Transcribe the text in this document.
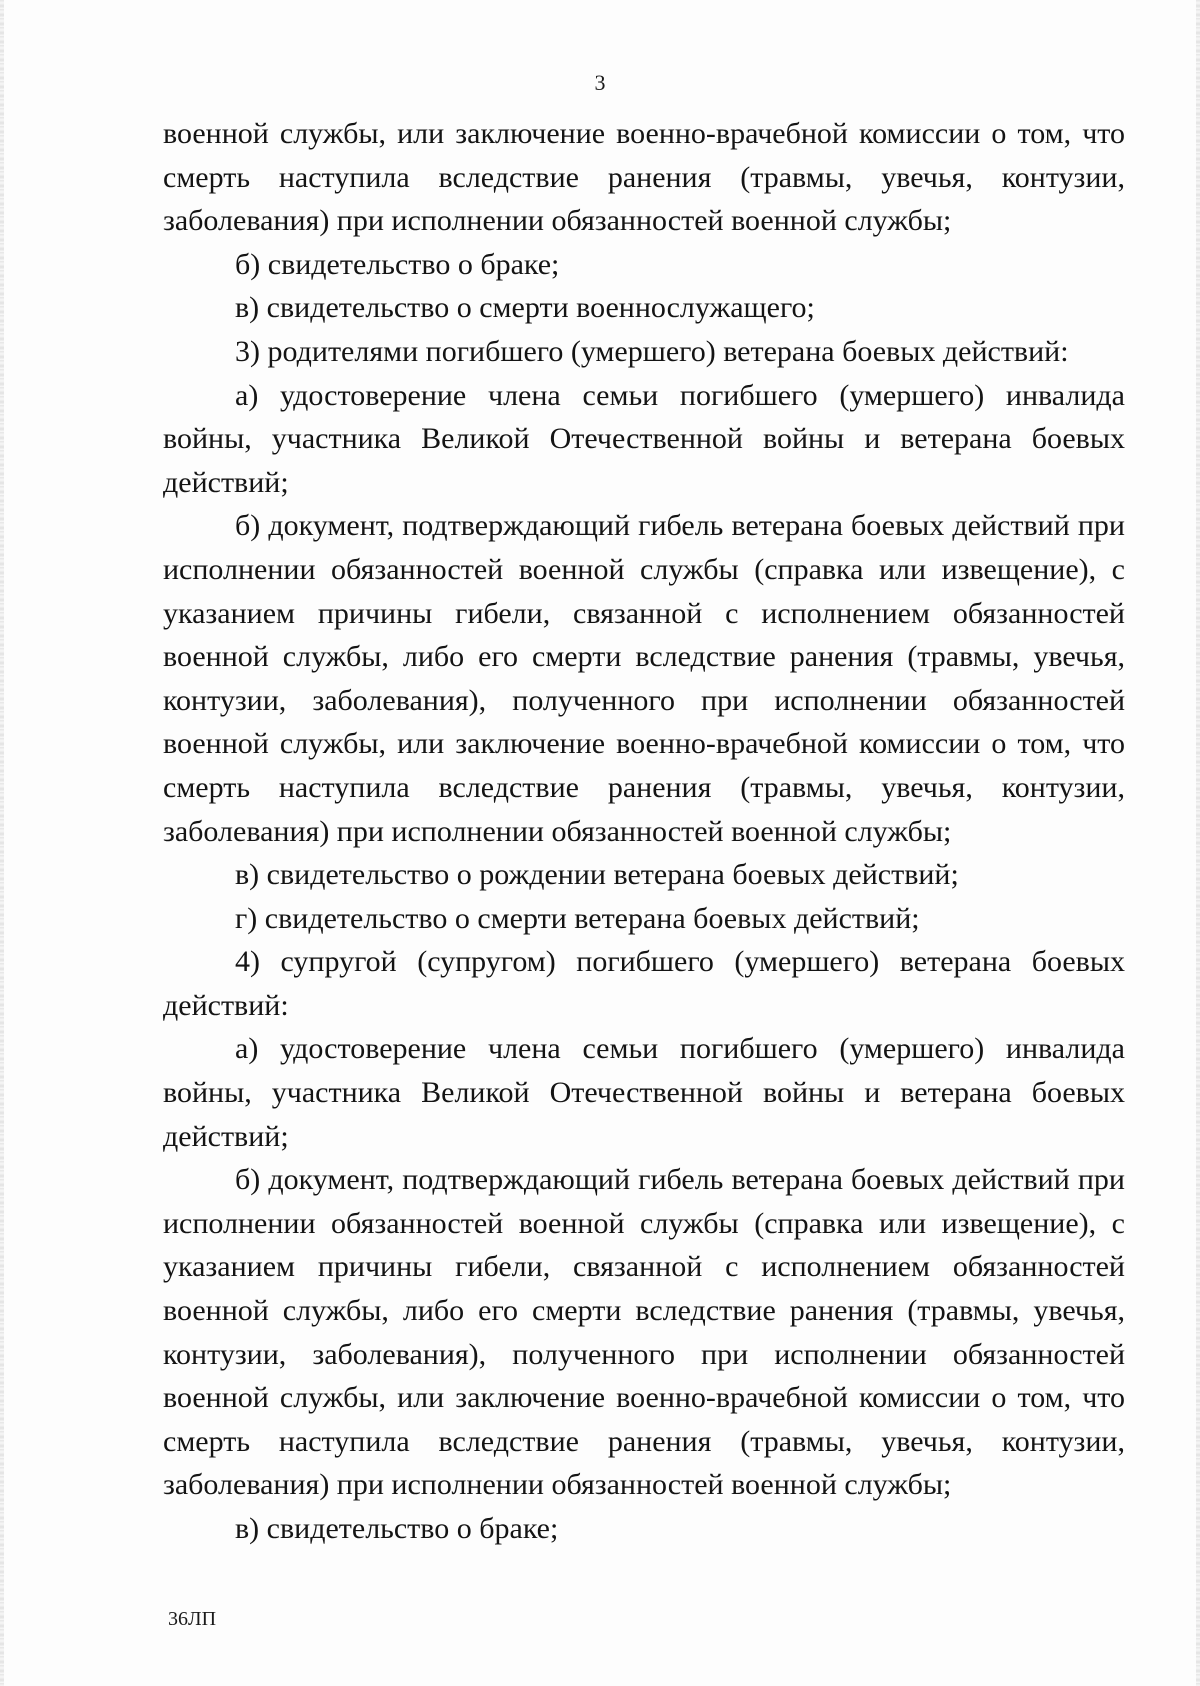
3

военной службы, или заключение военно-врачебной комиссии о том, что смерть наступила вследствие ранения (травмы, увечья, контузии, заболевания) при исполнении обязанностей военной службы;

б) свидетельство о браке;

в) свидетельство о смерти военнослужащего;

3) родителями погибшего (умершего) ветерана боевых действий:

а) удостоверение члена семьи погибшего (умершего) инвалида войны, участника Великой Отечественной войны и ветерана боевых действий;

б) документ, подтверждающий гибель ветерана боевых действий при исполнении обязанностей военной службы (справка или извещение), с указанием причины гибели, связанной с исполнением обязанностей военной службы, либо его смерти вследствие ранения (травмы, увечья, контузии, заболевания), полученного при исполнении обязанностей военной службы, или заключение военно-врачебной комиссии о том, что смерть наступила вследствие ранения (травмы, увечья, контузии, заболевания) при исполнении обязанностей военной службы;

в) свидетельство о рождении ветерана боевых действий;

г) свидетельство о смерти ветерана боевых действий;

4) супругой (супругом) погибшего (умершего) ветерана боевых действий:

а) удостоверение члена семьи погибшего (умершего) инвалида войны, участника Великой Отечественной войны и ветерана боевых действий;

б) документ, подтверждающий гибель ветерана боевых действий при исполнении обязанностей военной службы (справка или извещение), с указанием причины гибели, связанной с исполнением обязанностей военной службы, либо его смерти вследствие ранения (травмы, увечья, контузии, заболевания), полученного при исполнении обязанностей военной службы, или заключение военно-врачебной комиссии о том, что смерть наступила вследствие ранения (травмы, увечья, контузии, заболевания) при исполнении обязанностей военной службы;

в) свидетельство о браке;

36ЛП
